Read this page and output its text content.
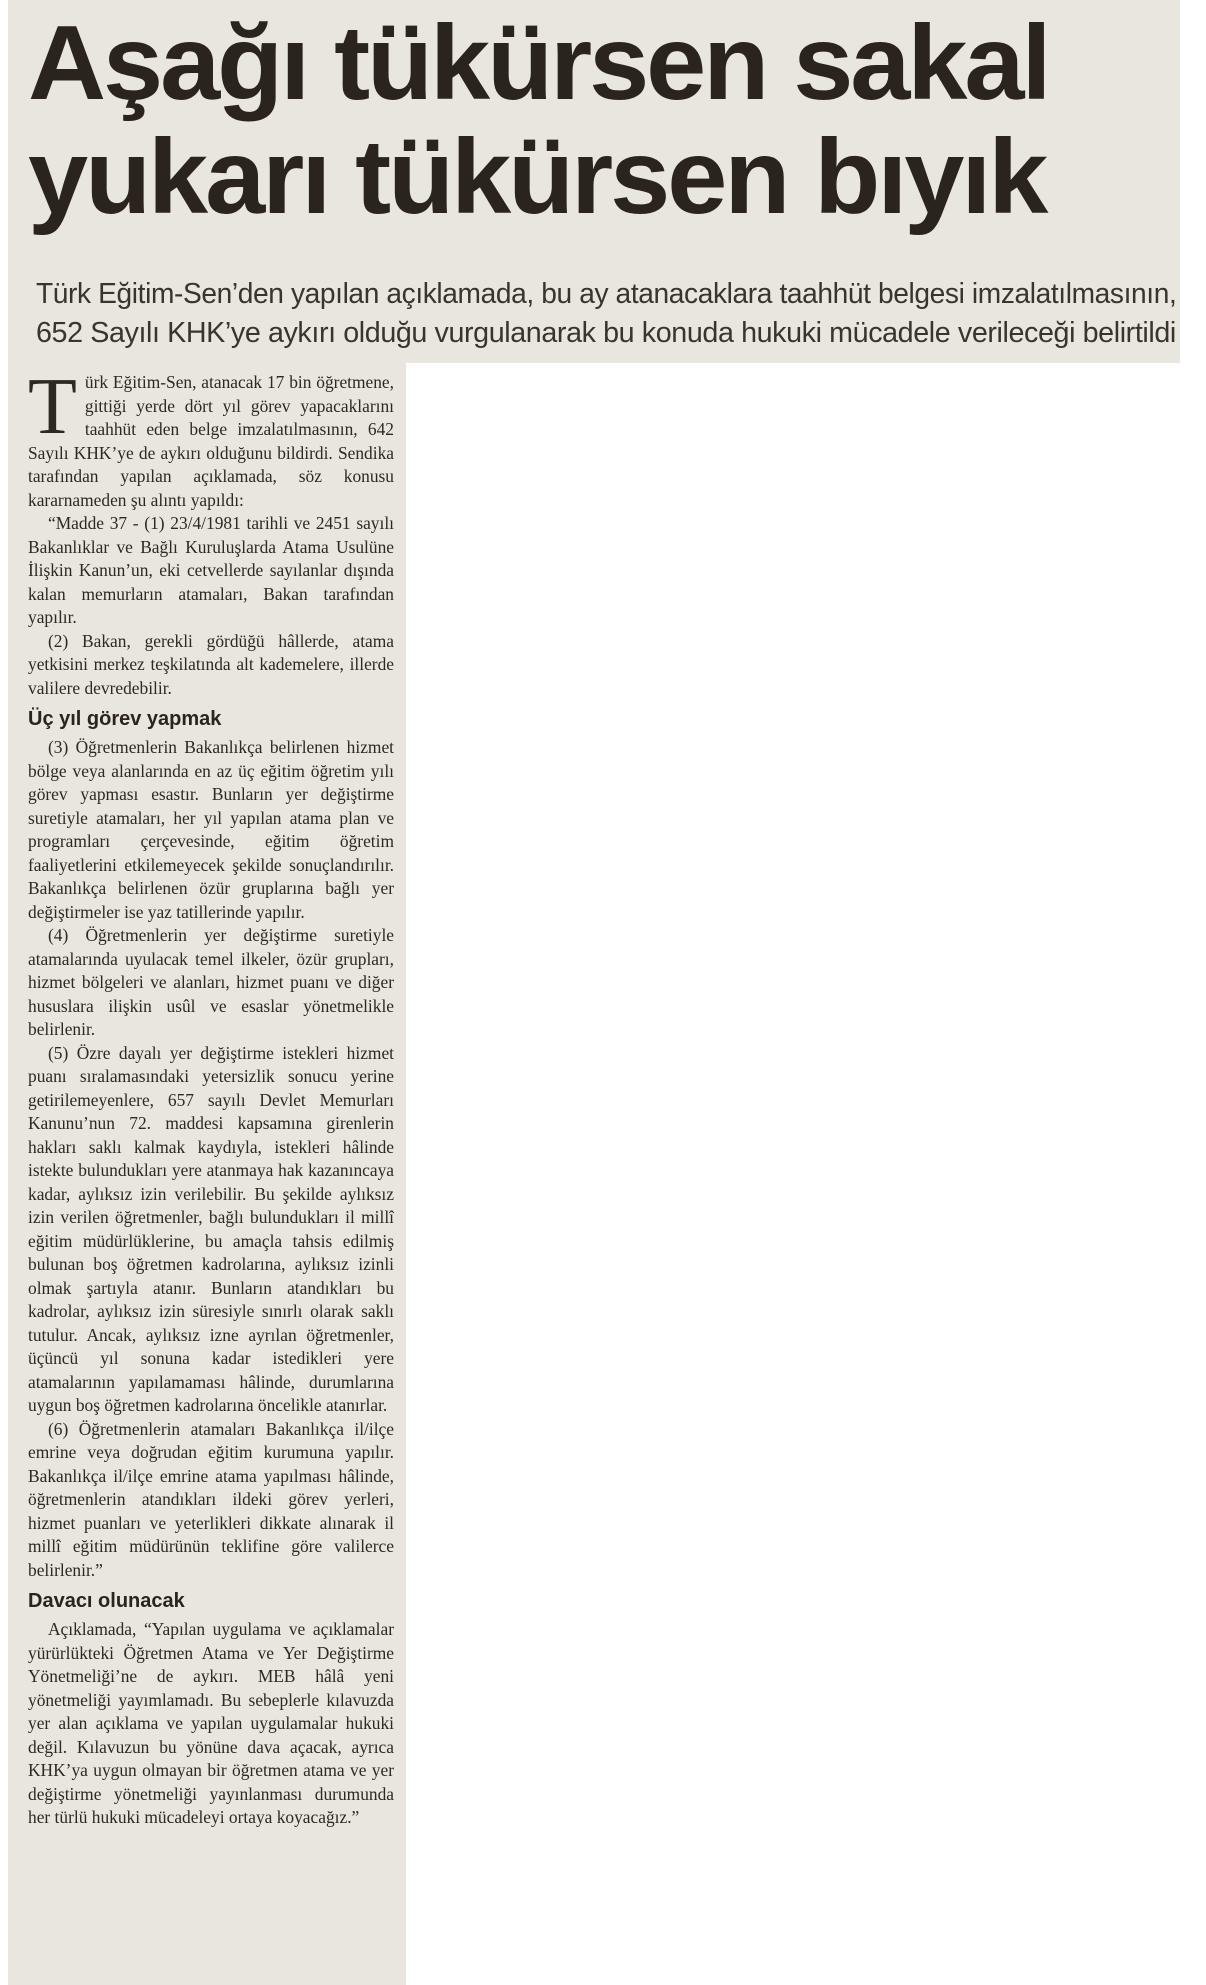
Aşağı tükürsen sakal
yukarı tükürsen bıyık
Türk Eğitim-Sen’den yapılan açıklamada, bu ay atanacaklara taahhüt belgesi imzalatılmasının,
652 Sayılı KHK’ye aykırı olduğu vurgulanarak bu konuda hukuki mücadele verileceği belirtildi

Türk Eğitim-Sen, atanacak 17 bin öğretmene, gittiği yerde dört yıl görev yapacaklarını taahhüt eden belge imzalatılmasının, 642 Sayılı KHK’ye de aykırı olduğunu bildirdi. Sendika tarafından yapılan açıklamada, söz konusu kararnameden şu alıntı yapıldı:

“Madde 37 - (1) 23/4/1981 tarihli ve 2451 sayılı Bakanlıklar ve Bağlı Kuruluşlarda Atama Usulüne İlişkin Kanun’un, eki cetvellerde sayılanlar dışında kalan memurların atamaları, Bakan tarafından yapılır.

(2) Bakan, gerekli gördüğü hâllerde, atama yetkisini merkez teşkilatında alt kademelere, illerde valilere devredebilir.

Üç yıl görev yapmak

(3) Öğretmenlerin Bakanlıkça belirlenen hizmet bölge veya alanlarında en az üç eğitim öğretim yılı görev yapması esastır. Bunların yer değiştirme suretiyle atamaları, her yıl yapılan atama plan ve programları çerçevesinde, eğitim öğretim faaliyetlerini etkilemeyecek şekilde sonuçlandırılır. Bakanlıkça belirlenen özür gruplarına bağlı yer değiştirmeler ise yaz tatillerinde yapılır.

(4) Öğretmenlerin yer değiştirme suretiyle atamalarında uyulacak temel ilkeler, özür grupları, hizmet bölgeleri ve alanları, hizmet puanı ve diğer hususlara ilişkin usûl ve esaslar yönetmelikle belirlenir.

(5) Özre dayalı yer değiştirme istekleri hizmet puanı sıralamasındaki yetersizlik sonucu yerine getirilemeyenlere, 657 sayılı Devlet Memurları Kanunu’nun 72. maddesi kapsamına girenlerin hakları saklı kalmak kaydıyla, istekleri hâlinde istekte bulundukları yere atanmaya hak kazanıncaya kadar, aylıksız izin verilebilir. Bu şekilde aylıksız izin verilen öğretmenler, bağlı bulundukları il millî eğitim müdürlüklerine, bu amaçla tahsis edilmiş bulunan boş öğretmen kadrolarına, aylıksız izinli olmak şartıyla atanır. Bunların atandıkları bu kadrolar, aylıksız izin süresiyle sınırlı olarak saklı tutulur. Ancak, aylıksız izne ayrılan öğretmenler, üçüncü yıl sonuna kadar istedikleri yere atamalarının yapılamaması hâlinde, durumlarına uygun boş öğretmen kadrolarına öncelikle atanırlar.

(6) Öğretmenlerin atamaları Bakanlıkça il/ilçe emrine veya doğrudan eğitim kurumuna yapılır. Bakanlıkça il/ilçe emrine atama yapılması hâlinde, öğretmenlerin atandıkları ildeki görev yerleri, hizmet puanları ve yeterlikleri dikkate alınarak il millî eğitim müdürünün teklifine göre valilerce belirlenir.”

Davacı olunacak

Açıklamada, “Yapılan uygulama ve açıklamalar yürürlükteki Öğretmen Atama ve Yer Değiştirme Yönetmeliği’ne de aykırı. MEB hâlâ yeni yönetmeliği yayımlamadı. Bu sebeplerle kılavuzda yer alan açıklama ve yapılan uygulamalar hukuki değil. Kılavuzun bu yönüne dava açacak, ayrıca KHK’ya uygun olmayan bir öğretmen atama ve yer değiştirme yönetmeliği yayınlanması durumunda her türlü hukuki mücadeleyi ortaya koyacağız.”
